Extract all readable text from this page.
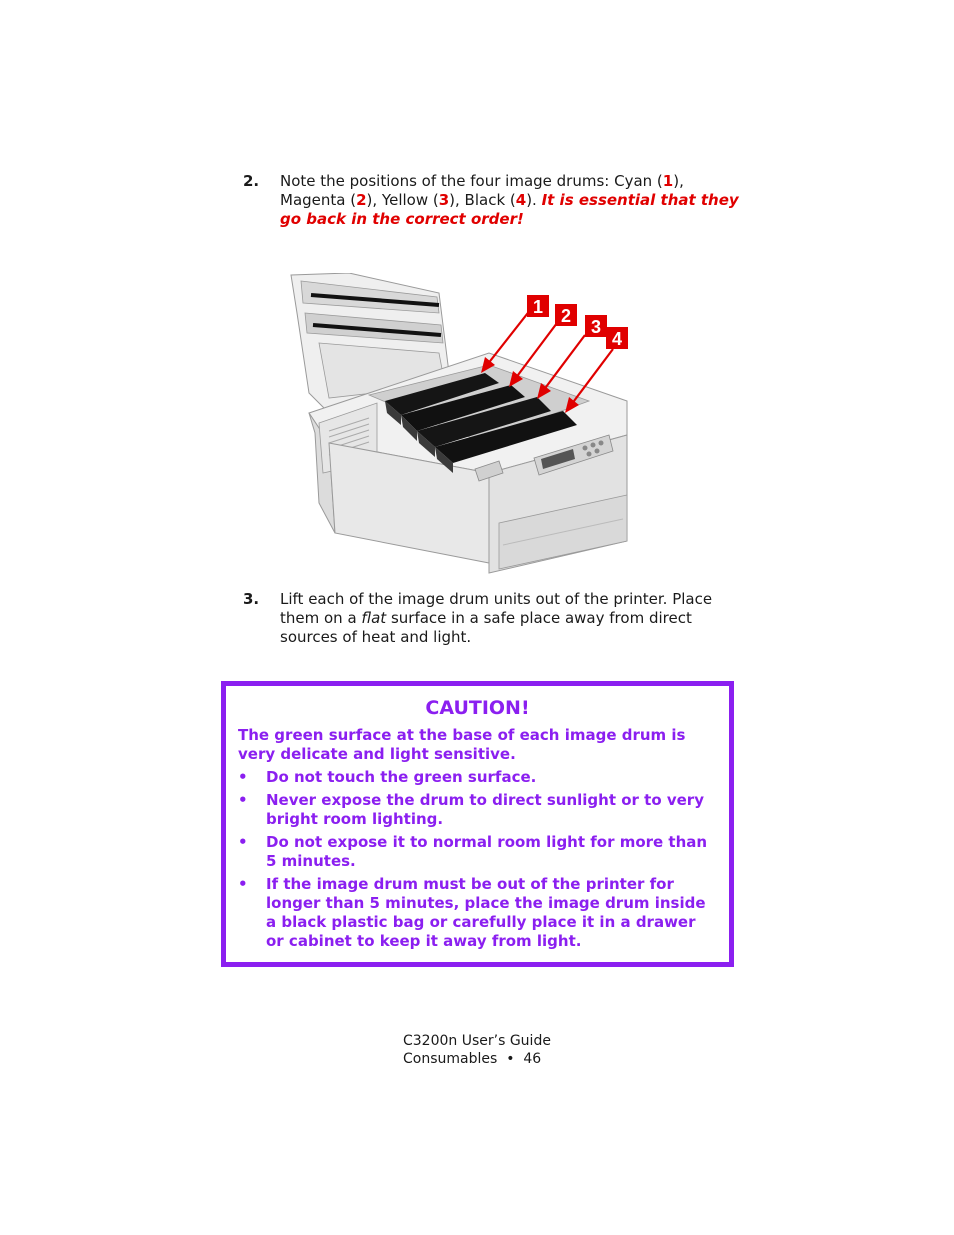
2. Note the positions of the four image drums: Cyan (1), Magenta (2), Yellow (3), Black (4). It is essential that they go back in the correct order!
1 2
3
4
3. Lift each of the image drum units out of the printer. Place them on a flat surface in a safe place away from direct sources of heat and light.
CAUTION!
The green surface at the base of each image drum is very delicate and light sensitive.
• Do not touch the green surface.
• Never expose the drum to direct sunlight or to very bright room lighting.
• Do not expose it to normal room light for more than 5 minutes.
• If the image drum must be out of the printer for longer than 5 minutes, place the image drum inside a black plastic bag or carefully place it in a drawer or cabinet to keep it away from light.
C3200n User’s Guide
Consumables • 46
